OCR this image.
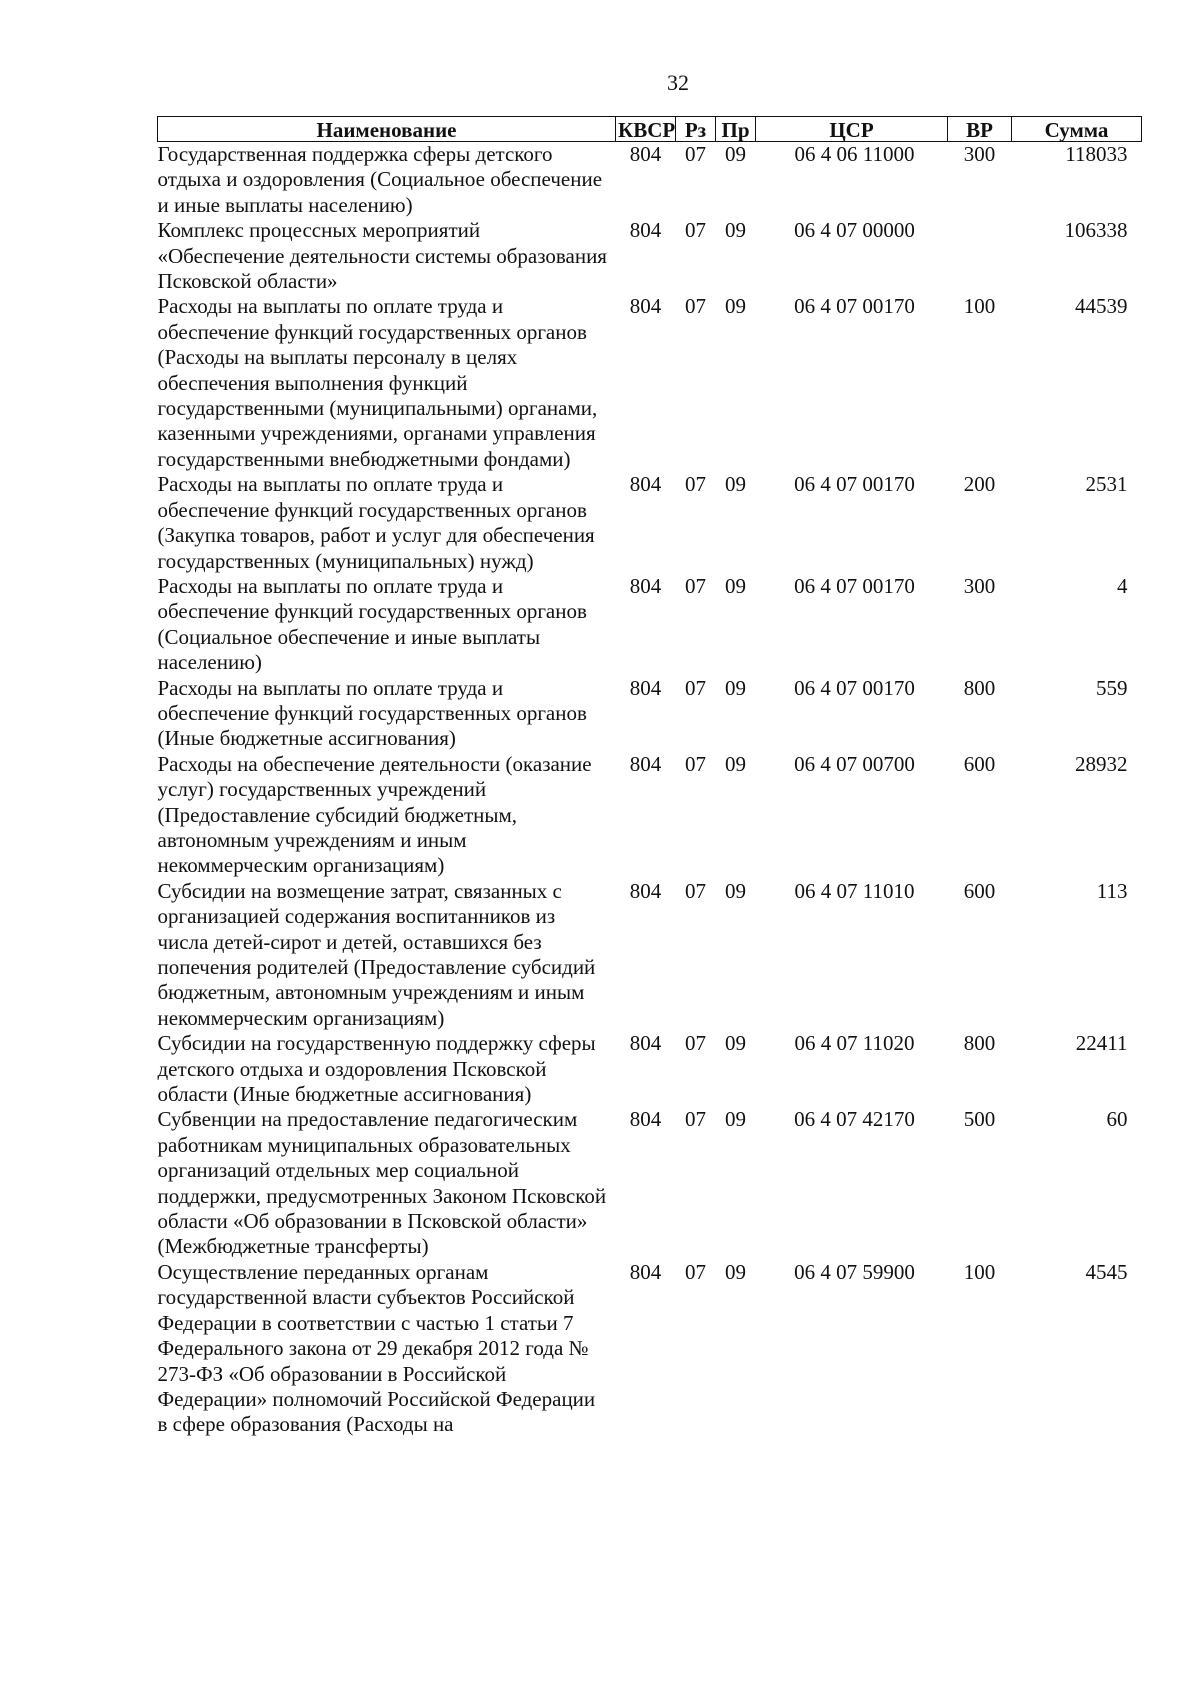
32
Наименование	КВСР	Рз	Пр	ЦСР	ВР	Сумма
Государственная поддержка сферы детского отдыха и оздоровления (Социальное обеспечение и иные выплаты населению)	804	07	09	06 4 06 11000	300	118033
Комплекс процессных мероприятий «Обеспечение деятельности системы образования Псковской области»	804	07	09	06 4 07 00000		106338
Расходы на выплаты по оплате труда и обеспечение функций государственных органов (Расходы на выплаты персоналу в целях обеспечения выполнения функций государственными (муниципальными) органами, казенными учреждениями, органами управления государственными внебюджетными фондами)	804	07	09	06 4 07 00170	100	44539
Расходы на выплаты по оплате труда и обеспечение функций государственных органов (Закупка товаров, работ и услуг для обеспечения государственных (муниципальных) нужд)	804	07	09	06 4 07 00170	200	2531
Расходы на выплаты по оплате труда и обеспечение функций государственных органов (Социальное обеспечение и иные выплаты населению)	804	07	09	06 4 07 00170	300	4
Расходы на выплаты по оплате труда и обеспечение функций государственных органов (Иные бюджетные ассигнования)	804	07	09	06 4 07 00170	800	559
Расходы на обеспечение деятельности (оказание услуг) государственных учреждений (Предоставление субсидий бюджетным, автономным учреждениям и иным некоммерческим организациям)	804	07	09	06 4 07 00700	600	28932
Субсидии на возмещение затрат, связанных с организацией содержания воспитанников из числа детей-сирот и детей, оставшихся без попечения родителей (Предоставление субсидий бюджетным, автономным учреждениям и иным некоммерческим организациям)	804	07	09	06 4 07 11010	600	113
Субсидии на государственную поддержку сферы детского отдыха и оздоровления Псковской области (Иные бюджетные ассигнования)	804	07	09	06 4 07 11020	800	22411
Субвенции на предоставление педагогическим работникам муниципальных образовательных организаций отдельных мер социальной поддержки, предусмотренных Законом Псковской области «Об образовании в Псковской области» (Межбюджетные трансферты)	804	07	09	06 4 07 42170	500	60
Осуществление переданных органам государственной власти субъектов Российской Федерации в соответствии с частью 1 статьи 7 Федерального закона от 29 декабря 2012 года № 273-ФЗ «Об образовании в Российской Федерации» полномочий Российской Федерации в сфере образования (Расходы на	804	07	09	06 4 07 59900	100	4545
